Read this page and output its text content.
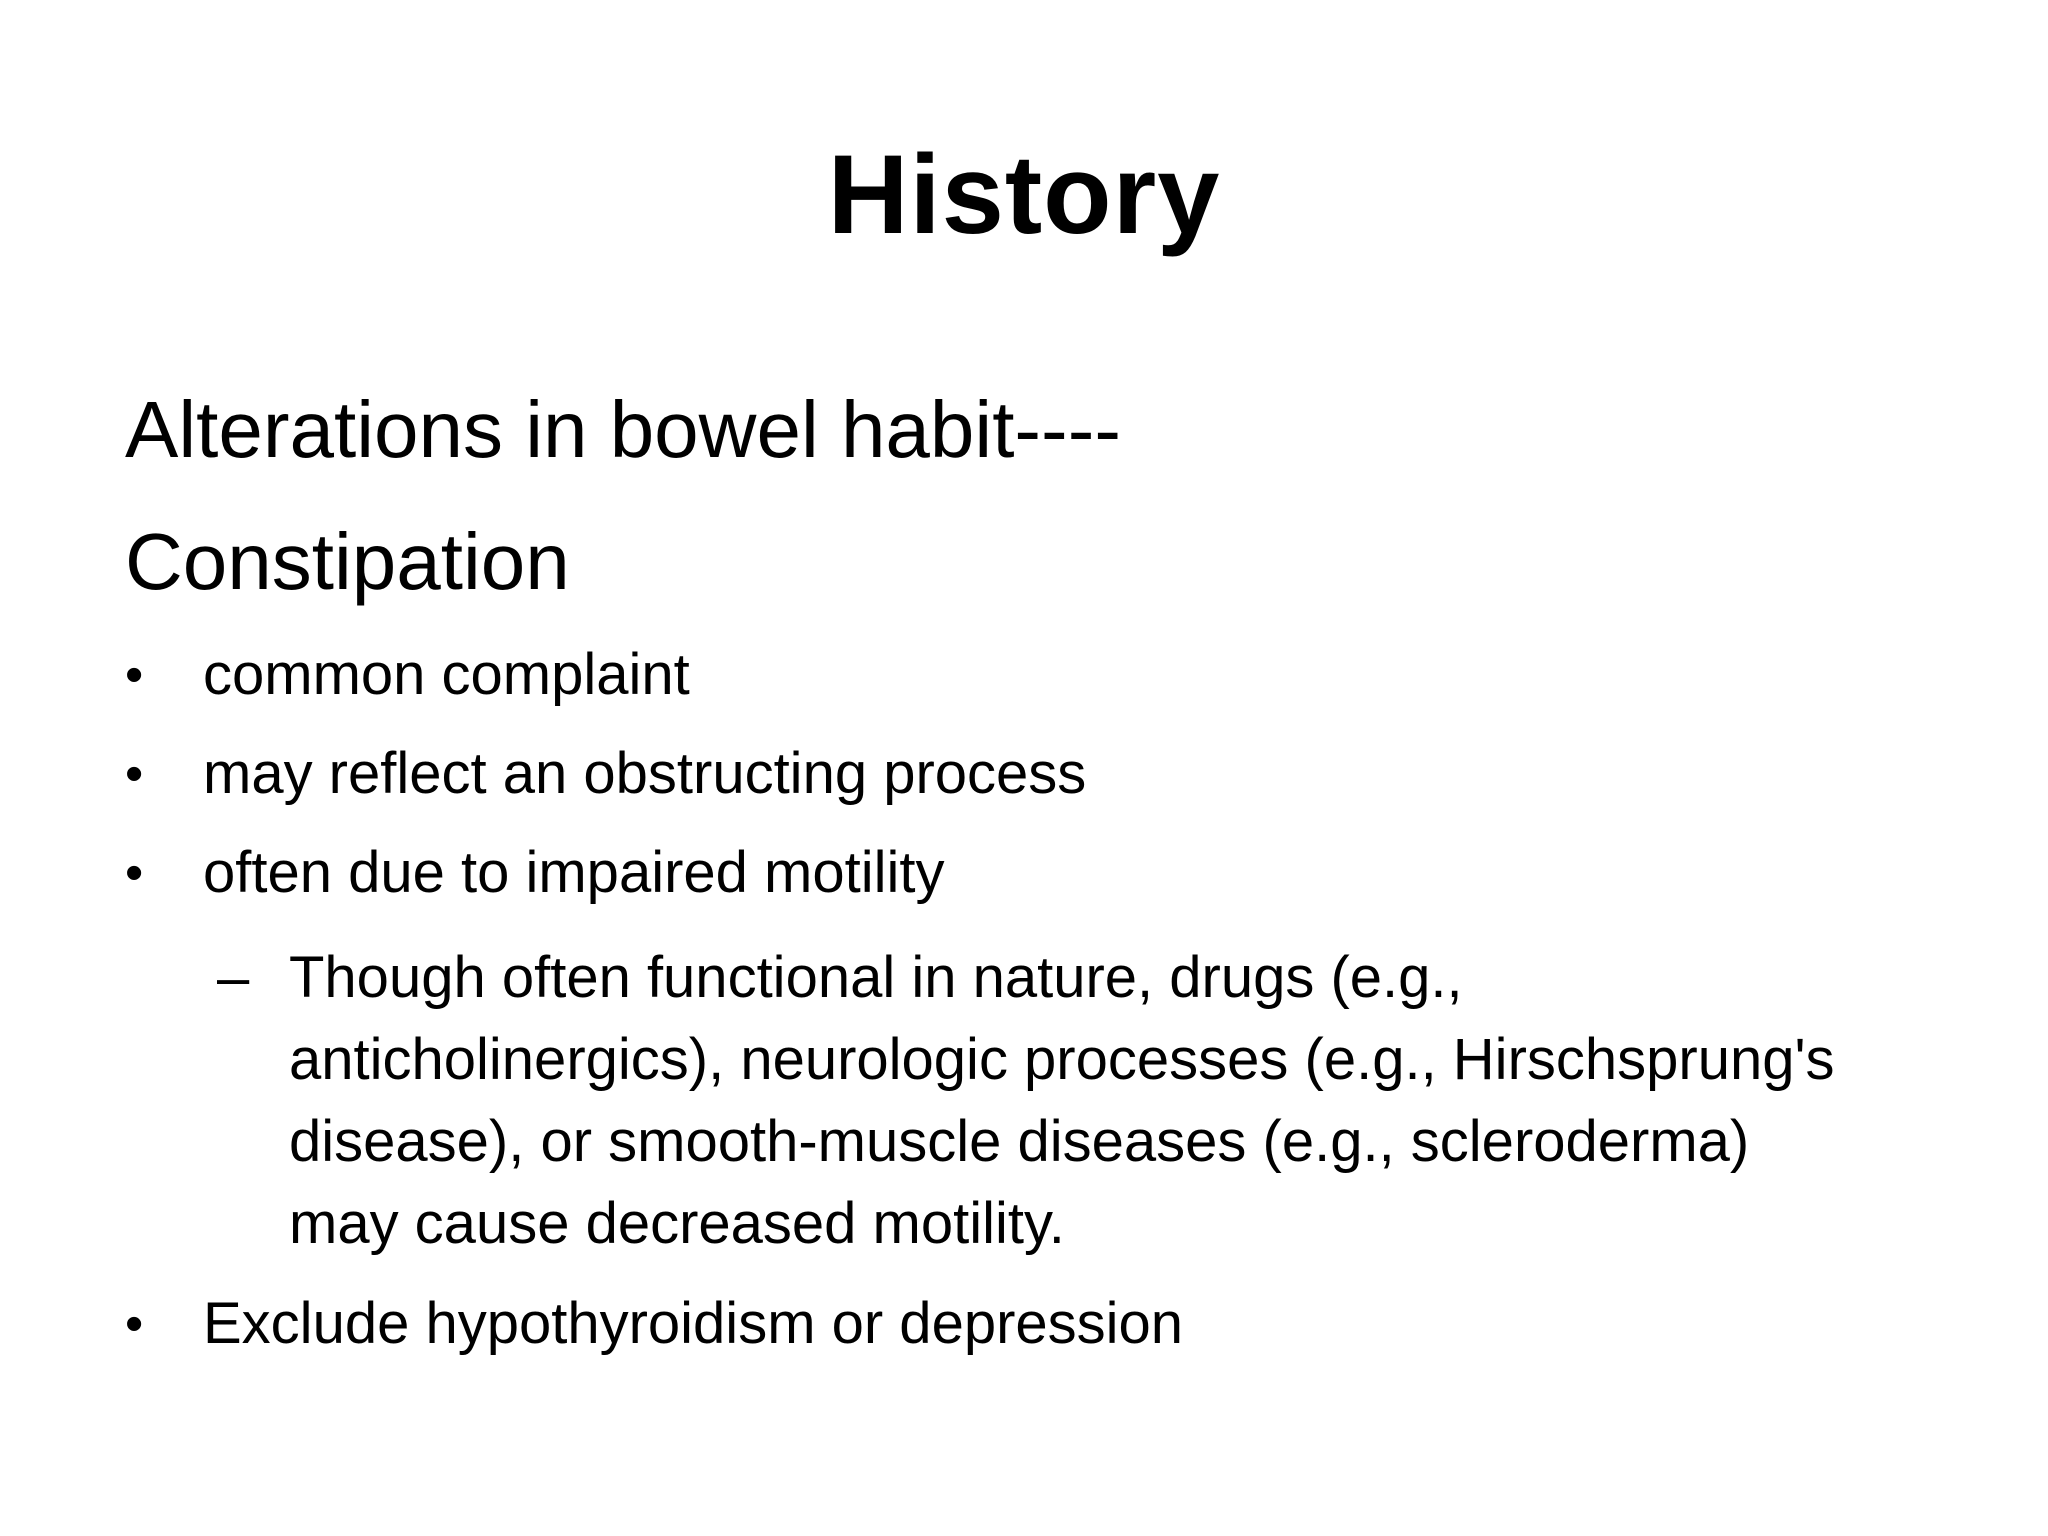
History
Alterations in bowel habit----
Constipation
•	common complaint
•	may reflect an obstructing process
•	often due to impaired motility
– Though often functional in nature, drugs (e.g., anticholinergics), neurologic processes (e.g., Hirschsprung's disease), or smooth-muscle diseases (e.g., scleroderma) may cause decreased motility.
•	Exclude hypothyroidism or depression
